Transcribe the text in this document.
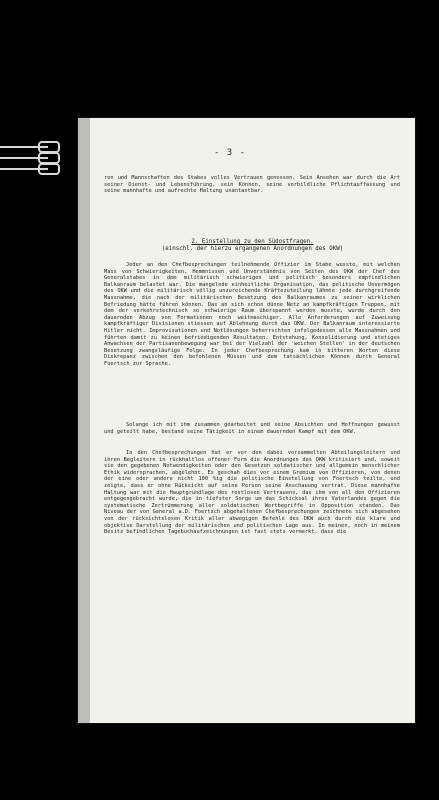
- 3 -
ren und Mannschaften des Stabes volles Vertrauen genossen. Sein Ansehen war durch die Art seiner Dienst- und Lebensführung, sein Können, seine vorbildliche Pflichtauffassung und seine mannhafte und aufrechte Haltung unantastbar.
2. Einstellung zu den Südostfragen.
(einschl. der hierzu ergangenen Anordnungen des OKW)
Jeder an den Chefbesprechungen teilnehmende Offizier im Stabe wusste, mit welchen Mass von Schwierigkeiten, Hemmnissen und Unverständnis von Seiten des OKW der Chef des Generalstabes in dem militärisch schwierigen und politisch besonders empfindlichen Balkanraum belastet war. Die mangelnde einheitliche Organisation, das politische Unvermögen des OKW und die militärisch völlig unzureichende Kräftezuteilung lähmte jede durchgreifende Massnahme, die nach der militärischen Besetzung des Balkanraumes zu seiner wirklichen Befriedung hätte führen können. Das an sich schon dünne Netz an kampfkräftigen Truppen, mit dem der verkehrstechnisch so schwierige Raum überspannt werden musste, wurde durch den dauernden Abzug von Formationen noch weitmaschiger. Alle Anforderungen auf Zuweisung kampfkräftiger Divisionen stiessen auf Ablehnung durch das OKW. Der Balkanraum interessierte Hitler nicht. Improvisationen und Notlösungen beherrschten infolgedessen alle Massnahmen und führten damit zu keinen befriedigenden Resultaten. Entstehung, Konsolidierung und stetiges Anwachsen der Partisanenbewegung war bei der Vielzahl der 'weichen Stellen' in der deutschen Besetzung zwangsläufige Folge. In jeder Chefbesprechung kam in bitteren Worten diese Diskrepanz zwischen den befohlenen Müssen und dem tatsächlichen Können durch General Foertsch zur Sprache.
Solange ich mit ihm zusammen gearbeitet und seine Absichten und Hoffnungen gewusst und geteilt habe, bestand seine Tätigkeit in einem dauernden Kampf mit dem OKW.
In den Chefbesprechungen hat er vor den dabei versammelten Abteilungsleitern und ihren Begleitern in rückhaltlos offener Form die Anordnungen des OKW kritisiert und, soweit sie den gegebenen Notwendigkeiten oder den Gesetzen soldatischer und allgemein menschlicher Ethik widersprachen, abgelehnt. Es geschah dies vor einem Gremium von Offizieren, von denen der eine oder andere nicht 100 %ig die politische Einstellung von Foertsch teilte, und zeigte, dass er ohne Rücksicht auf seine Person seine Anschauung vertrat. Diese mannhafte Haltung war mit die Hauptgrundlage des restlosen Vertrauens, das ihm von all den Offizieren entgegengebracht wurde, die in tiefster Sorge um das Schicksal ihres Vaterlandes gegen die systematische Zertrümmerung aller soldatischen Wertbegriffe in Opposition standen. Das Niveau der von General a.D. Foertsch abgehaltenen Chefbesprechungen zeichnete sich abgesehen von der rücksichtslosen Kritik aller abwegigen Befehle des OKW auch durch die klare und objektive Darstellung der militärischen und politischen Lage aus. In meinen, noch in meinem Besitz befindlichen Tagebuchaufzeichnungen ist fast stets vermerkt, dass die
